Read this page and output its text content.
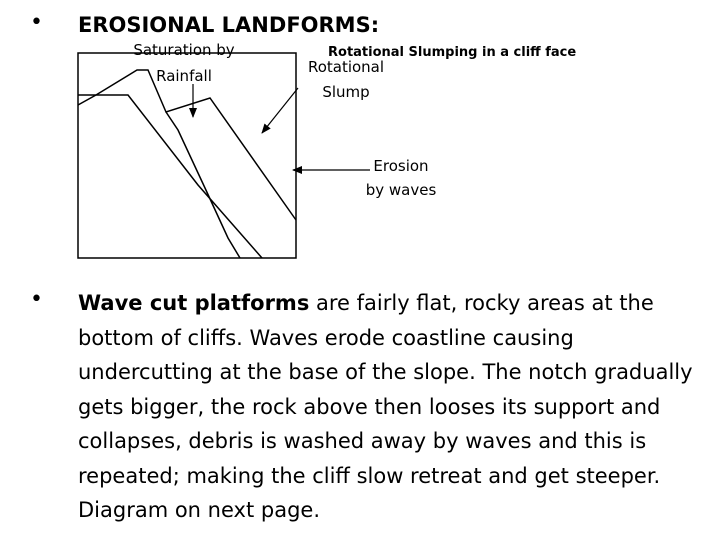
• EROSIONAL LANDFORMS:
Saturation by
Rainfall
Rotational Slumping in a cliff face
Rotational
Slump
Erosion
by waves
• Wave cut platforms are fairly flat, rocky areas at the bottom of cliffs. Waves erode coastline causing undercutting at the base of the slope. The notch gradually gets bigger, the rock above then looses its support and collapses, debris is washed away by waves and this is repeated; making the cliff slow retreat and get steeper. Diagram on next page.
